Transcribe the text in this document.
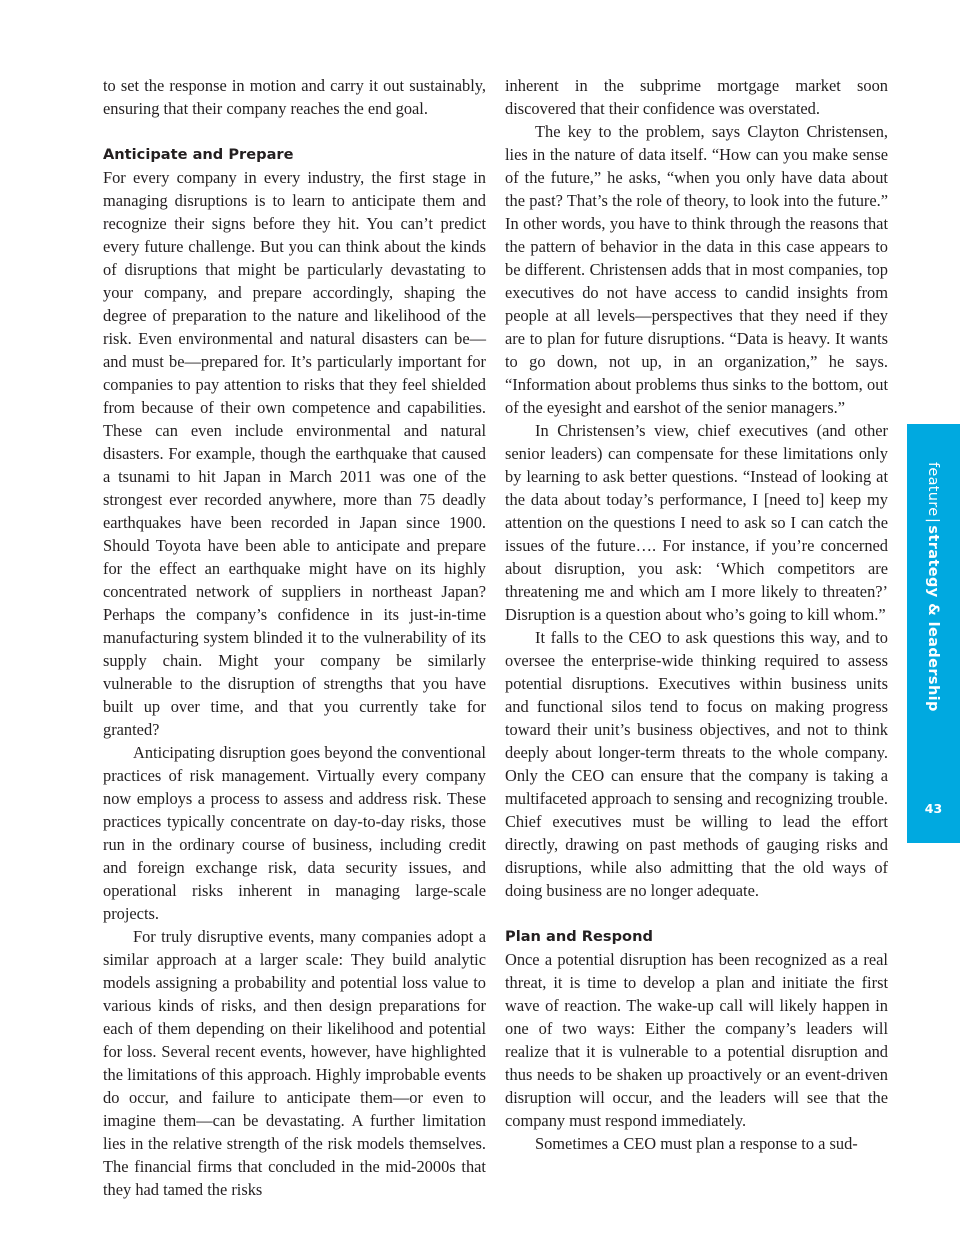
to set the response in motion and carry it out sustainably, ensuring that their company reaches the end goal.

Anticipate and Prepare

For every company in every industry, the first stage in managing disruptions is to learn to anticipate them and recognize their signs before they hit. You can’t predict every future challenge. But you can think about the kinds of disruptions that might be particularly devastating to your company, and prepare accordingly, shaping the degree of preparation to the nature and likelihood of the risk. Even environmental and natural disasters can be—and must be—prepared for. It’s particularly important for companies to pay attention to risks that they feel shielded from because of their own competence and capabilities. These can even include environmental and natural disasters. For example, though the earthquake that caused a tsunami to hit Japan in March 2011 was one of the strongest ever recorded anywhere, more than 75 deadly earthquakes have been recorded in Japan since 1900. Should Toyota have been able to anticipate and prepare for the effect an earthquake might have on its highly concentrated network of suppliers in northeast Japan? Perhaps the company’s confidence in its just-in-time manufacturing system blinded it to the vulnerability of its supply chain. Might your company be similarly vulnerable to the disruption of strengths that you have built up over time, and that you currently take for granted?

Anticipating disruption goes beyond the conventional practices of risk management. Virtually every company now employs a process to assess and address risk. These practices typically concentrate on day-to-day risks, those run in the ordinary course of business, including credit and foreign exchange risk, data security issues, and operational risks inherent in managing large-scale projects.

For truly disruptive events, many companies adopt a similar approach at a larger scale: They build analytic models assigning a probability and potential loss value to various kinds of risks, and then design preparations for each of them depending on their likelihood and potential for loss. Several recent events, however, have highlighted the limitations of this approach. Highly improbable events do occur, and failure to anticipate them—or even to imagine them—can be devastating. A further limitation lies in the relative strength of the risk models themselves. The financial firms that concluded in the mid-2000s that they had tamed the risks

inherent in the subprime mortgage market soon discovered that their confidence was overstated.

The key to the problem, says Clayton Christensen, lies in the nature of data itself. “How can you make sense of the future,” he asks, “when you only have data about the past? That’s the role of theory, to look into the future.” In other words, you have to think through the reasons that the pattern of behavior in the data in this case appears to be different. Christensen adds that in most companies, top executives do not have access to candid insights from people at all levels—perspectives that they need if they are to plan for future disruptions. “Data is heavy. It wants to go down, not up, in an organization,” he says. “Information about problems thus sinks to the bottom, out of the eyesight and earshot of the senior managers.”

In Christensen’s view, chief executives (and other senior leaders) can compensate for these limitations only by learning to ask better questions. “Instead of looking at the data about today’s performance, I [need to] keep my attention on the questions I need to ask so I can catch the issues of the future…. For instance, if you’re concerned about disruption, you ask: ‘Which competitors are threatening me and which am I more likely to threaten?’ Disruption is a question about who’s going to kill whom.”

It falls to the CEO to ask questions this way, and to oversee the enterprise-wide thinking required to assess potential disruptions. Executives within business units and functional silos tend to focus on making progress toward their unit’s business objectives, and not to think deeply about longer-term threats to the whole company. Only the CEO can ensure that the company is taking a multifaceted approach to sensing and recognizing trouble. Chief executives must be willing to lead the effort directly, drawing on past methods of gauging risks and disruptions, while also admitting that the old ways of doing business are no longer adequate.

Plan and Respond

Once a potential disruption has been recognized as a real threat, it is time to develop a plan and initiate the first wave of reaction. The wake-up call will likely happen in one of two ways: Either the company’s leaders will realize that it is vulnerable to a potential disruption and thus needs to be shaken up proactively or an event-driven disruption will occur, and the leaders will see that the company must respond immediately.

Sometimes a CEO must plan a response to a sud-

feature|strategy & leadership
43
